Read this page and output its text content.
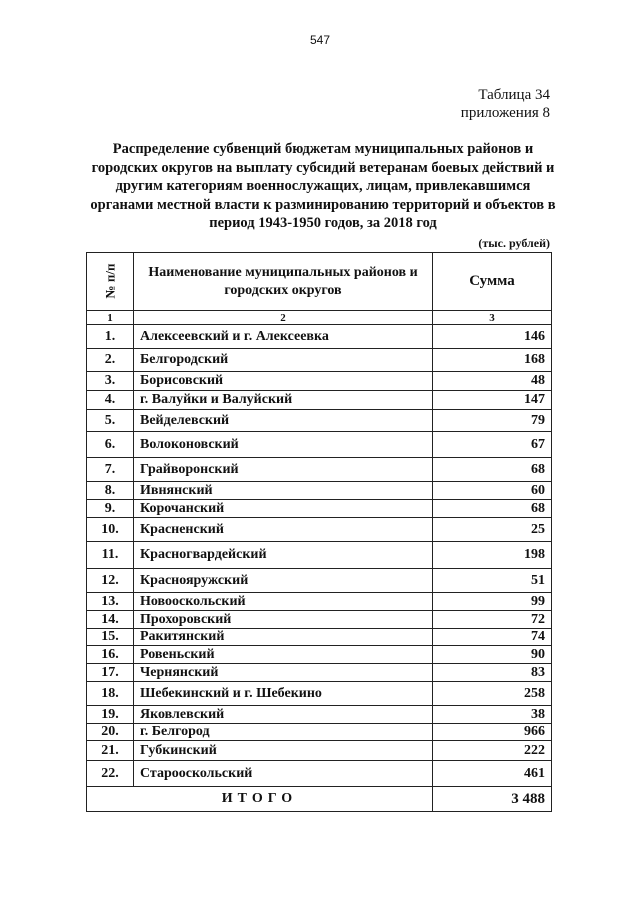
547
Таблица 34
приложения 8
Распределение субвенций бюджетам муниципальных районов и городских округов на выплату субсидий ветеранам боевых действий и другим категориям военнослужащих, лицам, привлекавшимся органами местной власти к разминированию территорий и объектов в период 1943-1950 годов, за 2018 год
(тыс. рублей)
№ п/п	Наименование муниципальных районов и городских округов	Сумма
1	2	3
1.	Алексеевский и г. Алексеевка	146
2.	Белгородский	168
3.	Борисовский	48
4.	г. Валуйки и Валуйский	147
5.	Вейделевский	79
6.	Волоконовский	67
7.	Грайворонский	68
8.	Ивнянский	60
9.	Корочанский	68
10.	Красненский	25
11.	Красногвардейский	198
12.	Краснояружский	51
13.	Новооскольский	99
14.	Прохоровский	72
15.	Ракитянский	74
16.	Ровеньский	90
17.	Чернянский	83
18.	Шебекинский и г. Шебекино	258
19.	Яковлевский	38
20.	г. Белгород	966
21.	Губкинский	222
22.	Старооскольский	461
ИТОГО		3 488
